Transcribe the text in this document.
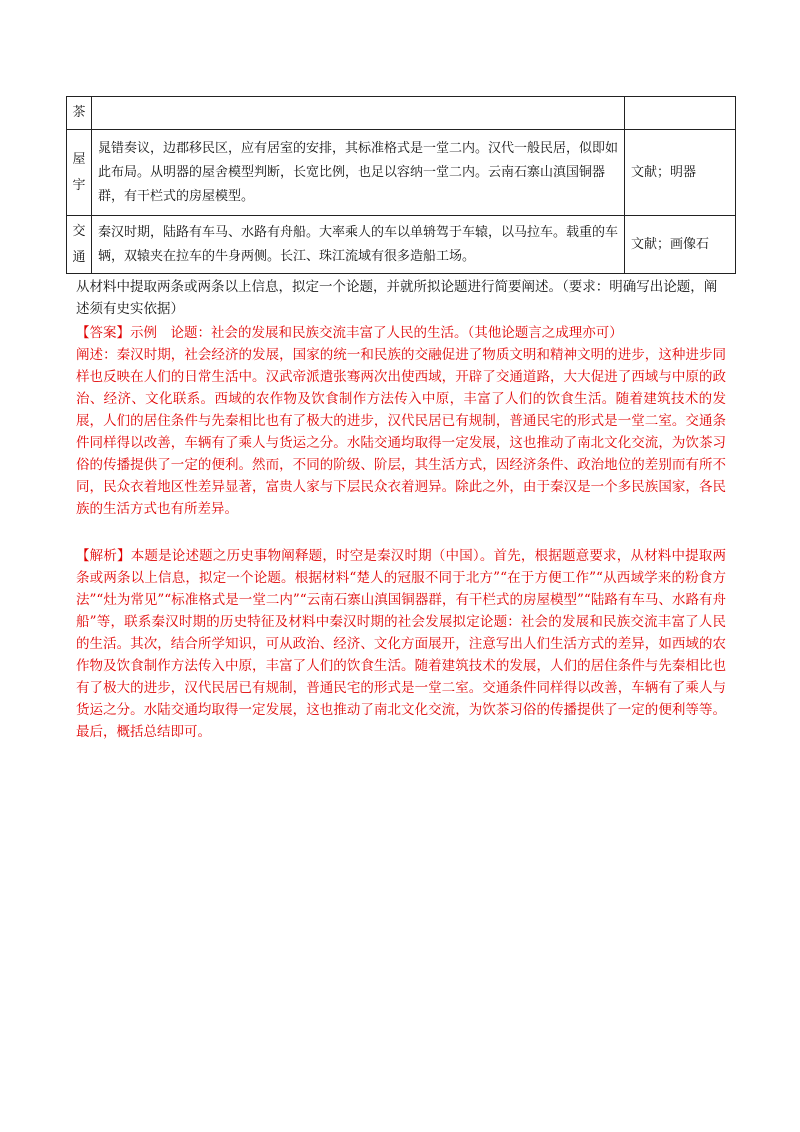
茶		

屋
宇	晁错奏议，边郡移民区，应有居室的安排，其标准格式是一堂二内。汉代一般民居，似即如此布局。从明器的屋舍模型判断，长宽比例，也足以容纳一堂二内。云南石寨山滇国铜器群，有干栏式的房屋模型。	文献；明器

交
通	秦汉时期，陆路有车马、水路有舟船。大率乘人的车以单辀驾于车辕，以马拉车。载重的车辆，双辕夹在拉车的牛身两侧。长江、珠江流域有很多造船工场。	文献；画像石
从材料中提取两条或两条以上信息，拟定一个论题，并就所拟论题进行简要阐述。（要求：明确写出论题，阐述须有史实依据）
【答案】示例　论题：社会的发展和民族交流丰富了人民的生活。（其他论题言之成理亦可）
阐述：秦汉时期，社会经济的发展，国家的统一和民族的交融促进了物质文明和精神文明的进步，这种进步同样也反映在人们的日常生活中。汉武帝派遣张骞两次出使西域，开辟了交通道路，大大促进了西域与中原的政治、经济、文化联系。西域的农作物及饮食制作方法传入中原，丰富了人们的饮食生活。随着建筑技术的发展，人们的居住条件与先秦相比也有了极大的进步，汉代民居已有规制，普通民宅的形式是一堂二室。交通条件同样得以改善，车辆有了乘人与货运之分。水陆交通均取得一定发展，这也推动了南北文化交流，为饮茶习俗的传播提供了一定的便利。然而，不同的阶级、阶层，其生活方式，因经济条件、政治地位的差别而有所不同，民众衣着地区性差异显著，富贵人家与下层民众衣着迥异。除此之外，由于秦汉是一个多民族国家，各民族的生活方式也有所差异。
【解析】本题是论述题之历史事物阐释题，时空是秦汉时期（中国）。首先，根据题意要求，从材料中提取两条或两条以上信息，拟定一个论题。根据材料“楚人的冠服不同于北方”“在于方便工作”“从西域学来的粉食方法”“灶为常见”“标准格式是一堂二内”“云南石寨山滇国铜器群，有干栏式的房屋模型”“陆路有车马、水路有舟船”等，联系秦汉时期的历史特征及材料中秦汉时期的社会发展拟定论题：社会的发展和民族交流丰富了人民的生活。其次，结合所学知识，可从政治、经济、文化方面展开，注意写出人们生活方式的差异，如西域的农作物及饮食制作方法传入中原，丰富了人们的饮食生活。随着建筑技术的发展，人们的居住条件与先秦相比也有了极大的进步，汉代民居已有规制，普通民宅的形式是一堂二室。交通条件同样得以改善，车辆有了乘人与货运之分。水陆交通均取得一定发展，这也推动了南北文化交流，为饮茶习俗的传播提供了一定的便利等等。最后，概括总结即可。
